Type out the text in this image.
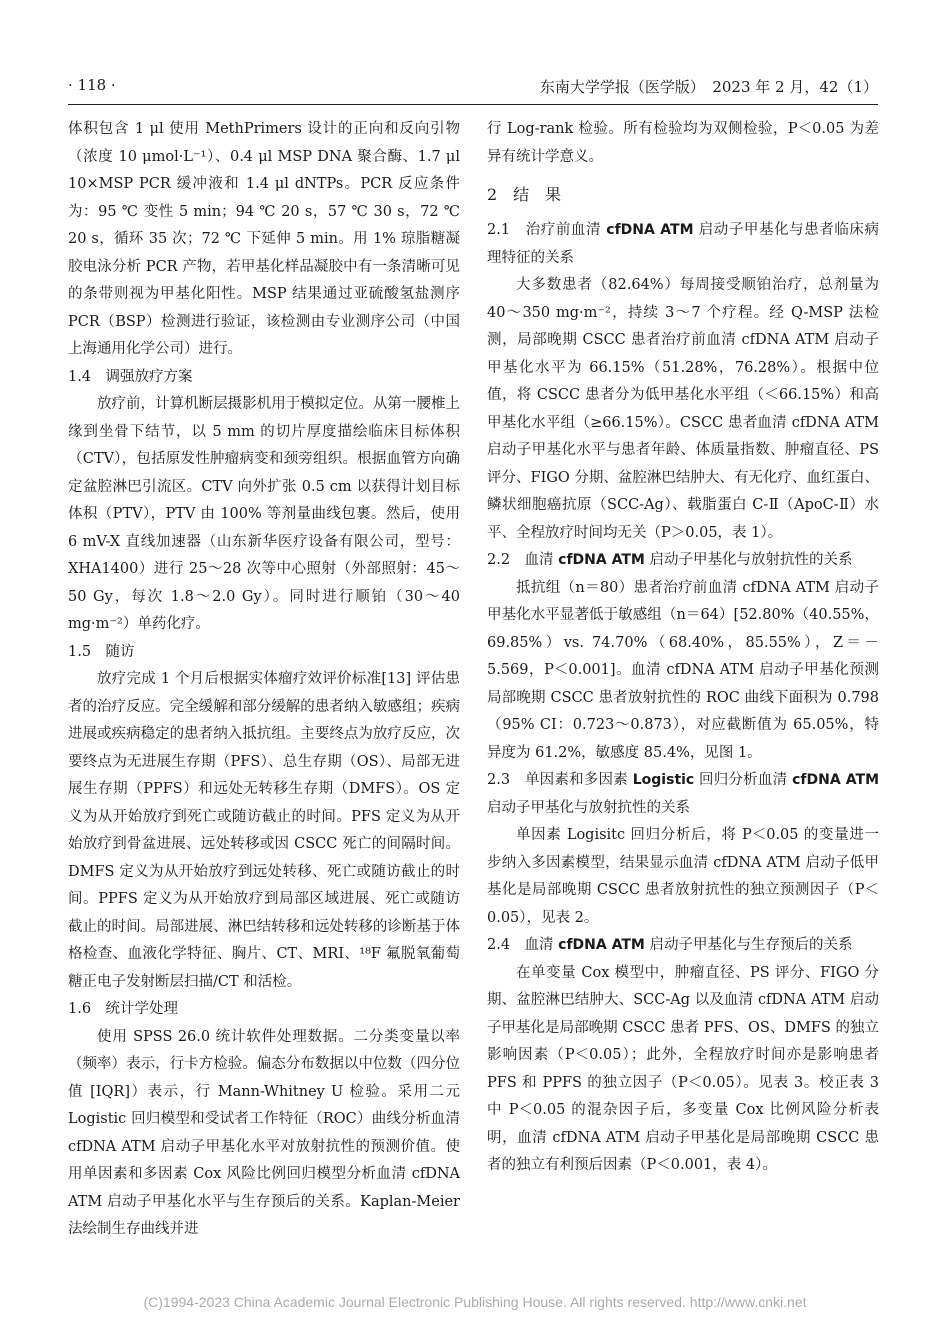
· 118 ·	东南大学学报（医学版）　2023 年 2 月，42（1）

体积包含 1 μl 使用 MethPrimers 设计的正向和反向引物（浓度 10 μmol·L⁻¹）、0.4 μl MSP DNA 聚合酶、1.7 μl 10×MSP PCR 缓冲液和 1.4 μl dNTPs。PCR 反应条件为：95 ℃ 变性 5 min；94 ℃ 20 s，57 ℃ 30 s，72 ℃ 20 s，循环 35 次；72 ℃ 下延伸 5 min。用 1% 琼脂糖凝胶电泳分析 PCR 产物，若甲基化样品凝胶中有一条清晰可见的条带则视为甲基化阳性。MSP 结果通过亚硫酸氢盐测序 PCR（BSP）检测进行验证，该检测由专业测序公司（中国上海通用化学公司）进行。

1.4　调强放疗方案

放疗前，计算机断层摄影机用于模拟定位。从第一腰椎上缘到坐骨下结节，以 5 mm 的切片厚度描绘临床目标体积（CTV），包括原发性肿瘤病变和颈旁组织。根据血管方向确定盆腔淋巴引流区。CTV 向外扩张 0.5 cm 以获得计划目标体积（PTV），PTV 由 100% 等剂量曲线包裹。然后，使用 6 mV-X 直线加速器（山东新华医疗设备有限公司，型号：XHA1400）进行 25～28 次等中心照射（外部照射：45～50 Gy，每次 1.8～2.0 Gy）。同时进行顺铂（30～40 mg·m⁻²）单药化疗。

1.5　随访

放疗完成 1 个月后根据实体瘤疗效评价标准[13] 评估患者的治疗反应。完全缓解和部分缓解的患者纳入敏感组；疾病进展或疾病稳定的患者纳入抵抗组。主要终点为放疗反应，次要终点为无进展生存期（PFS）、总生存期（OS）、局部无进展生存期（PPFS）和远处无转移生存期（DMFS）。OS 定义为从开始放疗到死亡或随访截止的时间。PFS 定义为从开始放疗到骨盆进展、远处转移或因 CSCC 死亡的间隔时间。DMFS 定义为从开始放疗到远处转移、死亡或随访截止的时间。PPFS 定义为从开始放疗到局部区域进展、死亡或随访截止的时间。局部进展、淋巴结转移和远处转移的诊断基于体格检查、血液化学特征、胸片、CT、MRI、¹⁸F 氟脱氧葡萄糖正电子发射断层扫描/CT 和活检。

1.6　统计学处理

使用 SPSS 26.0 统计软件处理数据。二分类变量以率（频率）表示，行卡方检验。偏态分布数据以中位数（四分位值 [IQR]）表示，行 Mann-Whitney U 检验。采用二元 Logistic 回归模型和受试者工作特征（ROC）曲线分析血清 cfDNA ATM 启动子甲基化水平对放射抗性的预测价值。使用单因素和多因素 Cox 风险比例回归模型分析血清 cfDNA ATM 启动子甲基化水平与生存预后的关系。Kaplan-Meier 法绘制生存曲线并进

行 Log-rank 检验。所有检验均为双侧检验，P＜0.05 为差异有统计学意义。

2　结　果

2.1　治疗前血清 cfDNA ATM 启动子甲基化与患者临床病理特征的关系

大多数患者（82.64%）每周接受顺铂治疗，总剂量为 40～350 mg·m⁻²，持续 3～7 个疗程。经 Q-MSP 法检测，局部晚期 CSCC 患者治疗前血清 cfDNA ATM 启动子甲基化水平为 66.15%（51.28%，76.28%）。根据中位值，将 CSCC 患者分为低甲基化水平组（＜66.15%）和高甲基化水平组（≥66.15%）。CSCC 患者血清 cfDNA ATM 启动子甲基化水平与患者年龄、体质量指数、肿瘤直径、PS 评分、FIGO 分期、盆腔淋巴结肿大、有无化疗、血红蛋白、鳞状细胞癌抗原（SCC-Ag）、载脂蛋白 C-Ⅱ（ApoC-Ⅱ）水平、全程放疗时间均无关（P＞0.05，表 1）。

2.2　血清 cfDNA ATM 启动子甲基化与放射抗性的关系

抵抗组（n＝80）患者治疗前血清 cfDNA ATM 启动子甲基化水平显著低于敏感组（n＝64）[52.80%（40.55%，69.85%）vs. 74.70%（68.40%，85.55%），Z＝－5.569，P＜0.001]。血清 cfDNA ATM 启动子甲基化预测局部晚期 CSCC 患者放射抗性的 ROC 曲线下面积为 0.798（95% CI：0.723～0.873），对应截断值为 65.05%，特异度为 61.2%，敏感度 85.4%，见图 1。

2.3　单因素和多因素 Logistic 回归分析血清 cfDNA ATM 启动子甲基化与放射抗性的关系

单因素 Logisitc 回归分析后，将 P＜0.05 的变量进一步纳入多因素模型，结果显示血清 cfDNA ATM 启动子低甲基化是局部晚期 CSCC 患者放射抗性的独立预测因子（P＜0.05），见表 2。

2.4　血清 cfDNA ATM 启动子甲基化与生存预后的关系

在单变量 Cox 模型中，肿瘤直径、PS 评分、FIGO 分期、盆腔淋巴结肿大、SCC-Ag 以及血清 cfDNA ATM 启动子甲基化是局部晚期 CSCC 患者 PFS、OS、DMFS 的独立影响因素（P＜0.05）；此外，全程放疗时间亦是影响患者 PFS 和 PPFS 的独立因子（P＜0.05）。见表 3。校正表 3 中 P＜0.05 的混杂因子后，多变量 Cox 比例风险分析表明，血清 cfDNA ATM 启动子甲基化是局部晚期 CSCC 患者的独立有利预后因素（P＜0.001，表 4）。

(C)1994-2023 China Academic Journal Electronic Publishing House. All rights reserved. http://www.cnki.net
